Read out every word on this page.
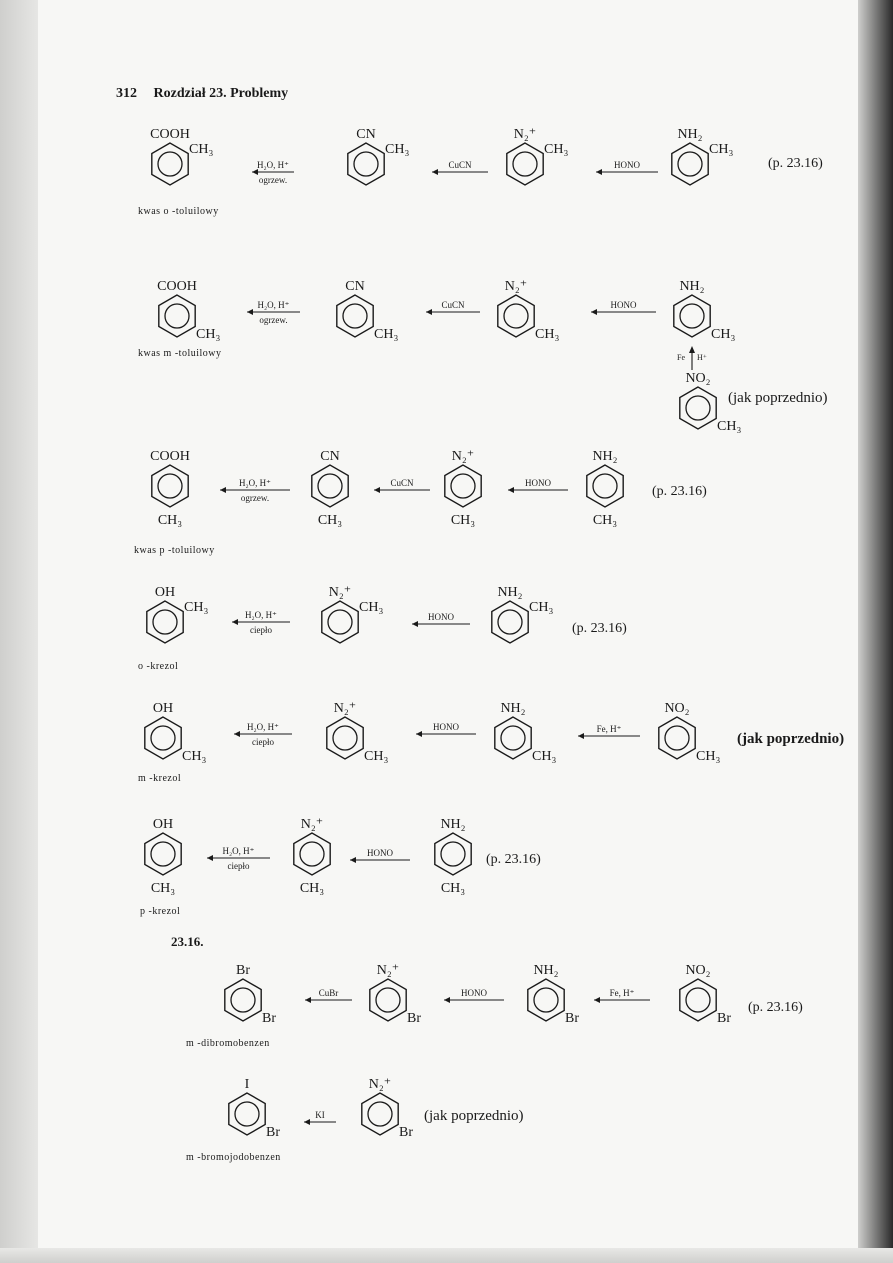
312 Rozdział 23. Problemy
COOH
CH₃
H₂O, H⁺
ogrzew.
CN
CH₃
CuCN
N₂⁺
CH₃
HONO
NH₂
CH₃
COOH
CH₃
H₂O, H⁺
ogrzew.
CN
CH₃
CuCN
N₂⁺
CH₃
HONO
NH₂
CH₃
Fe H⁺
NO₂
CH₃
COOH
CH₃
H₂O, H⁺
ogrzew.
CN
CH₃
CuCN
N₂⁺
CH₃
HONO
NH₂
CH₃
OH
CH₃	H₂O, H⁺
ciepło
N₂⁺
CH₃
HONO
NH₂
CH₃
OH
CH₃
H₂O, H⁺
ciepło
N₂⁺
CH₃
HONO
NH₂
CH₃
Fe, H⁺
NO₂
CH₃
OH
CH₃
H₂O, H⁺
ciepło
N₂⁺
CH₃
HONO
NH₂
CH₃
Br
Br
CuBr
N₂⁺
Br
HONO
NH₂
Br
Fe, H⁺
NO₂
Br
I
Br
KI
N₂⁺
Br
kwas o -toluilowy
kwas m -toluilowy
kwas p -toluilowy
o -krezol
m -krezol
p -krezol
m -dibromobenzen
m -bromojodobenzen
(p. 23.16)
(jak poprzednio)
(p. 23.16)
(p. 23.16)
(jak poprzednio)
(p. 23.16)
23.16.
(p. 23.16)
(jak poprzednio)
